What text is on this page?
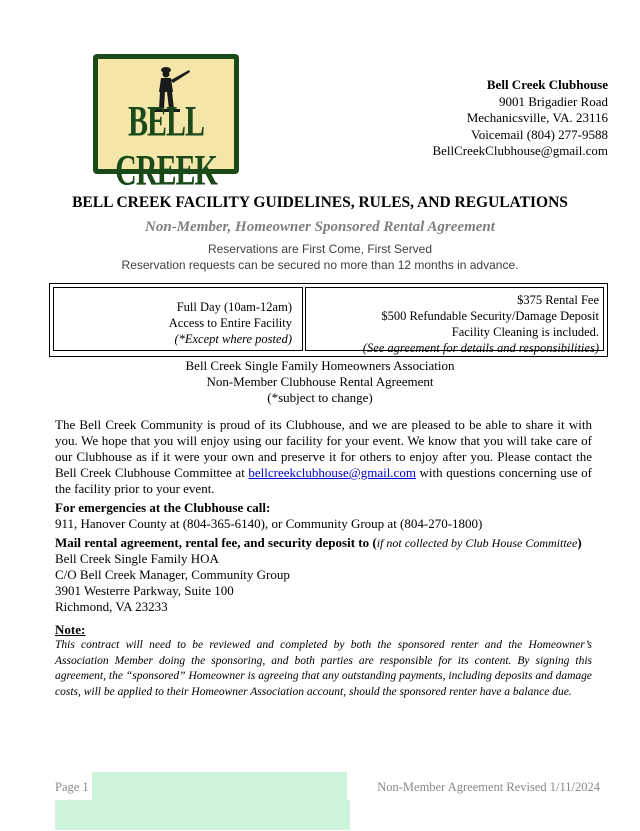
BELL CREEK
Bell Creek Clubhouse
9001 Brigadier Road
Mechanicsville, VA. 23116
Voicemail (804) 277-9588
BellCreekClubhouse@gmail.com
BELL CREEK FACILITY GUIDELINES, RULES, AND REGULATIONS
Non-Member, Homeowner Sponsored Rental Agreement
Reservations are First Come, First Served
Reservation requests can be secured no more than 12 months in advance.
Full Day (10am-12am)
Access to Entire Facility
(*Except where posted)
$375 Rental Fee
$500 Refundable Security/Damage Deposit
Facility Cleaning is included.
(See agreement for details and responsibilities)
Bell Creek Single Family Homeowners Association
Non-Member Clubhouse Rental Agreement
(*subject to change)
The Bell Creek Community is proud of its Clubhouse, and we are pleased to be able to share it with you. We hope that you will enjoy using our facility for your event. We know that you will take care of our Clubhouse as if it were your own and preserve it for others to enjoy after you. Please contact the Bell Creek Clubhouse Committee at bellcreekclubhouse@gmail.com with questions concerning use of the facility prior to your event.
For emergencies at the Clubhouse call:
911, Hanover County at (804-365-6140), or Community Group at (804-270-1800)
Mail rental agreement, rental fee, and security deposit to (if not collected by Club House Committee)
Bell Creek Single Family HOA
C/O Bell Creek Manager, Community Group
3901 Westerre Parkway, Suite 100
Richmond, VA 23233
Note:
This contract will need to be reviewed and completed by both the sponsored renter and the Homeowner’s Association Member doing the sponsoring, and both parties are responsible for its content. By signing this agreement, the “sponsored” Homeowner is agreeing that any outstanding payments, including deposits and damage costs, will be applied to their Homeowner Association account, should the sponsored renter have a balance due.
Page 1	Non-Member Agreement Revised 1/11/2024
